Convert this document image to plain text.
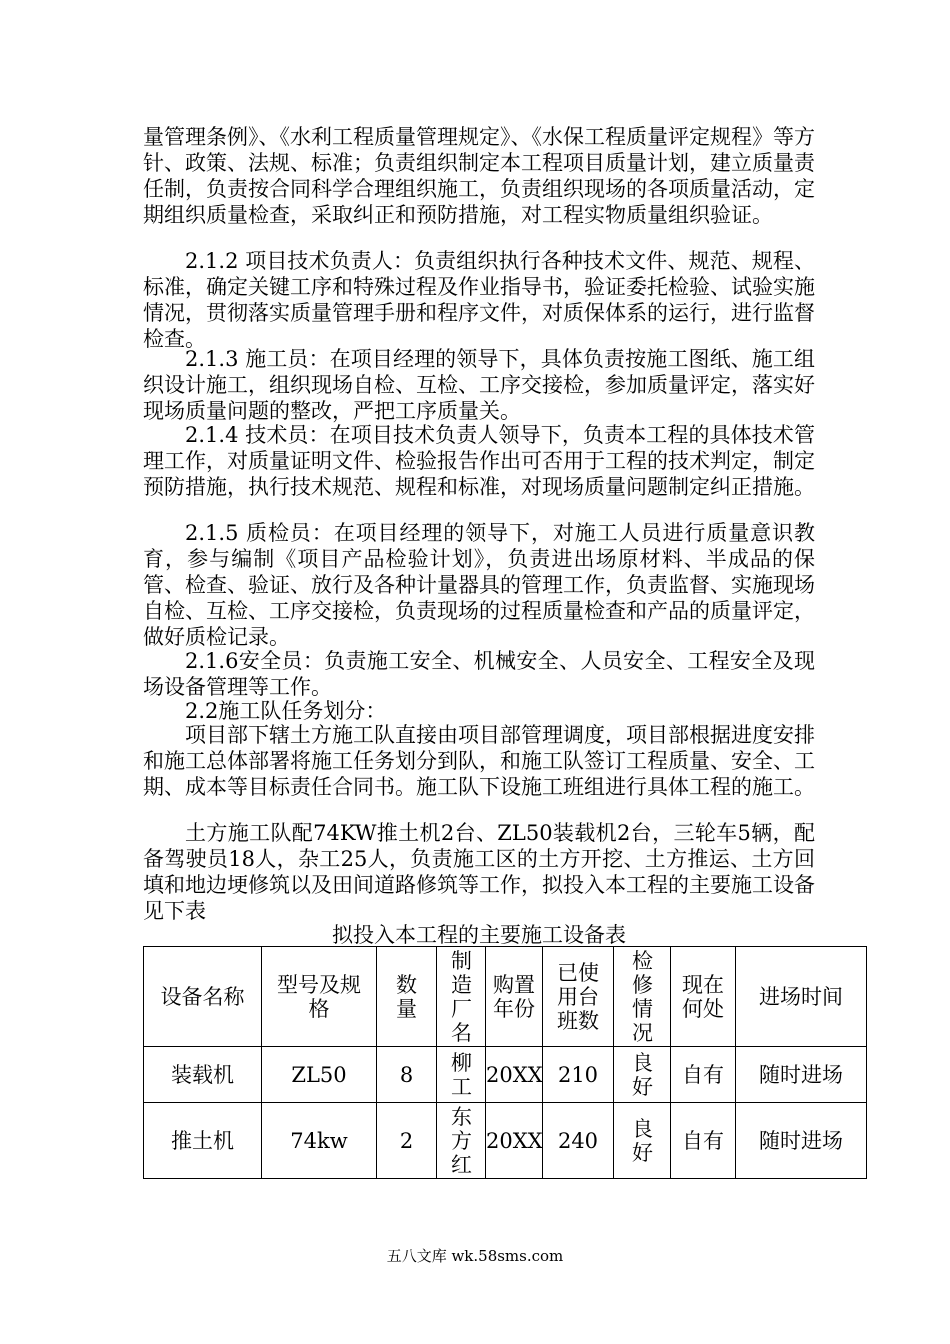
量管理条例》、《水利工程质量管理规定》、《水保工程质量评定规程》等方针、政策、法规、标准；负责组织制定本工程项目质量计划，建立质量责任制，负责按合同科学合理组织施工，负责组织现场的各项质量活动，定期组织质量检查，采取纠正和预防措施，对工程实物质量组织验证。

2.1.2 项目技术负责人：负责组织执行各种技术文件、规范、规程、标准，确定关键工序和特殊过程及作业指导书，验证委托检验、试验实施情况，贯彻落实质量管理手册和程序文件，对质保体系的运行，进行监督检查。

2.1.3 施工员：在项目经理的领导下，具体负责按施工图纸、施工组织设计施工，组织现场自检、互检、工序交接检，参加质量评定，落实好现场质量问题的整改，严把工序质量关。

2.1.4 技术员：在项目技术负责人领导下，负责本工程的具体技术管理工作，对质量证明文件、检验报告作出可否用于工程的技术判定，制定预防措施，执行技术规范、规程和标准，对现场质量问题制定纠正措施。

2.1.5 质检员：在项目经理的领导下，对施工人员进行质量意识教育，参与编制《项目产品检验计划》，负责进出场原材料、半成品的保管、检查、验证、放行及各种计量器具的管理工作，负责监督、实施现场自检、互检、工序交接检，负责现场的过程质量检查和产品的质量评定，做好质检记录。

2.1.6安全员：负责施工安全、机械安全、人员安全、工程安全及现场设备管理等工作。

2.2施工队任务划分：

项目部下辖土方施工队直接由项目部管理调度，项目部根据进度安排和施工总体部署将施工任务划分到队，和施工队签订工程质量、安全、工期、成本等目标责任合同书。施工队下设施工班组进行具体工程的施工。

土方施工队配74KW推土机2台、ZL50装载机2台，三轮车5辆，配备驾驶员18人，杂工25人，负责施工区的土方开挖、土方推运、土方回填和地边埂修筑以及田间道路修筑等工作，拟投入本工程的主要施工设备见下表

拟投入本工程的主要施工设备表
设备名称	型号及规格	数量	制造厂名	购置年份	已使用台班数	检修情况	现在何处	进场时间
装载机	ZL50	8	柳工	20XX	210	良好	自有	随时进场
推土机	74kw	2	东方红	20XX	240	良好	自有	随时进场
五八文库 wk.58sms.com
